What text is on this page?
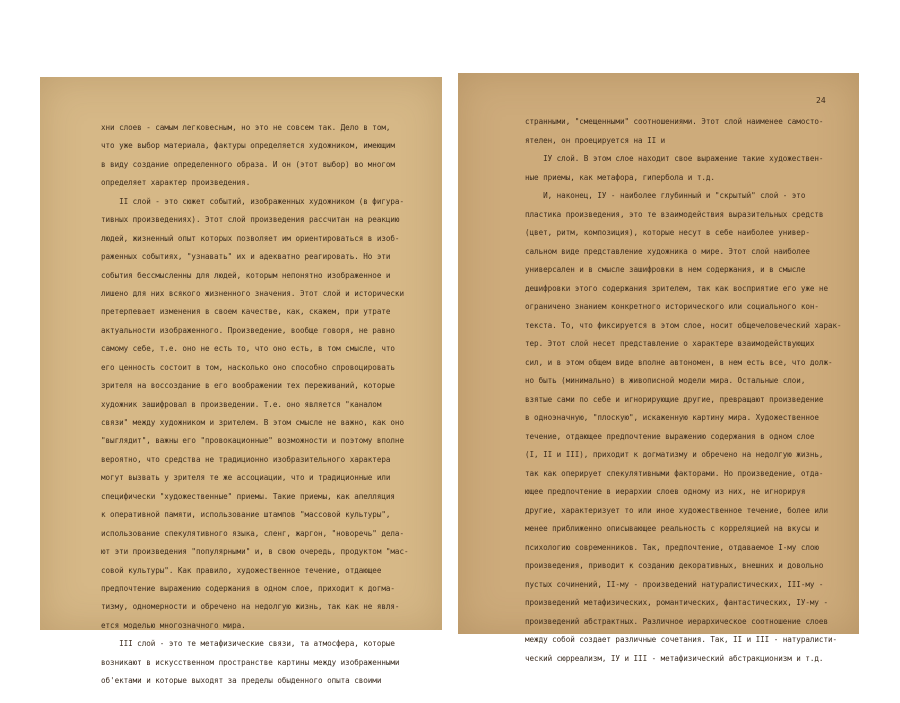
хни слоев - самым легковесным, но это не совсем так. Дело в том,
что уже выбор материала, фактуры определяется художником, имеющим
в виду создание определенного образа. И он (этот выбор) во многом
определяет характер произведения.
II слой - это сюжет событий, изображенных художником (в фигура-
тивных произведениях). Этот слой произведения рассчитан на реакцию
людей, жизненный опыт которых позволяет им ориентироваться в изоб-
раженных событиях, "узнавать" их и адекватно реагировать. Но эти
события бессмысленны для людей, которым непонятно изображенное и
лишено для них всякого жизненного значения. Этот слой и исторически
претерпевает изменения в своем качестве, как, скажем, при утрате
актуальности изображенного. Произведение, вообще говоря, не равно
самому себе, т.е. оно не есть то, что оно есть, в том смысле, что
его ценность состоит в том, насколько оно способно спровоцировать
зрителя на воссоздание в его воображении тех переживаний, которые
художник зашифровал в произведении. Т.е. оно является "каналом
связи" между художником и зрителем. В этом смысле не важно, как оно
"выглядит", важны его "провокационные" возможности и поэтому вполне
вероятно, что средства не традиционно изобразительного характера
могут вызвать у зрителя те же ассоциации, что и традиционные или
специфически "художественные" приемы. Такие приемы, как апелляция
к оперативной памяти, использование штампов "массовой культуры",
использование спекулятивного языка, сленг, жаргон, "новоречь" дела-
ют эти произведения "популярными" и, в свою очередь, продуктом "мас-
совой культуры". Как правило, художественное течение, отдающее
предпочтение выражению содержания в одном слое, приходит к догма-
тизму, одномерности и обречено на недолгую жизнь, так как не явля-
ется моделью многозначного мира.
III слой - это те метафизические связи, та атмосфера, которые
возникают в искусственном пространстве картины между изображенными
об'ектами и которые выходят за пределы обыденного опыта своими
24
странными, "смещенными" соотношениями. Этот слой наименее самосто-
ятелен, он проецируется на II и
IУ слой. В этом слое находит свое выражение такие художествен-
ные приемы, как метафора, гипербола и т.д.
И, наконец, IУ - наиболее глубинный и "скрытый" слой - это
пластика произведения, это те взаимодействия выразительных средств
(цвет, ритм, композиция), которые несут в себе наиболее универ-
сальном виде представление художника о мире. Этот слой наиболее
универсален и в смысле зашифровки в нем содержания, и в смысле
дешифровки этого содержания зрителем, так как восприятие его уже не
ограничено знанием конкретного исторического или социального кон-
текста. То, что фиксируется в этом слое, носит общечеловеческий харак-
тер. Этот слой несет представление о характере взаимодействующих
сил, и в этом общем виде вполне автономен, в нем есть все, что долж-
но быть (минимально) в живописной модели мира. Остальные слои,
взятые сами по себе и игнорирующие другие, превращают произведение
в одноэначную, "плоскую", искаженную картину мира. Художественное
течение, отдающее предпочтение выражению содержания в одном слое
(I, II и III), приходит к догматизму и обречено на недолгую жизнь,
так как оперирует спекулятивными факторами. Но произведение, отда-
ющее предпочтение в иерархии слоев одному из них, не игнорируя
другие, характеризует то или иное художественное течение, более или
менее приближенно описывающее реальность с корреляцией на вкусы и
психологию современников. Так, предпочтение, отдаваемое I-му слою
произведения, приводит к созданию декоративных, внешних и довольно
пустых сочинений, II-му - произведений натуралистических, III-му -
произведений метафизических, романтических, фантастических, IУ-му -
произведений абстрактных. Различное иерархическое соотношение слоев
между собой создает различные сочетания. Так, II и III - натуралисти-
ческий сюрреализм, IУ и III - метафизический абстракционизм и т.д.
